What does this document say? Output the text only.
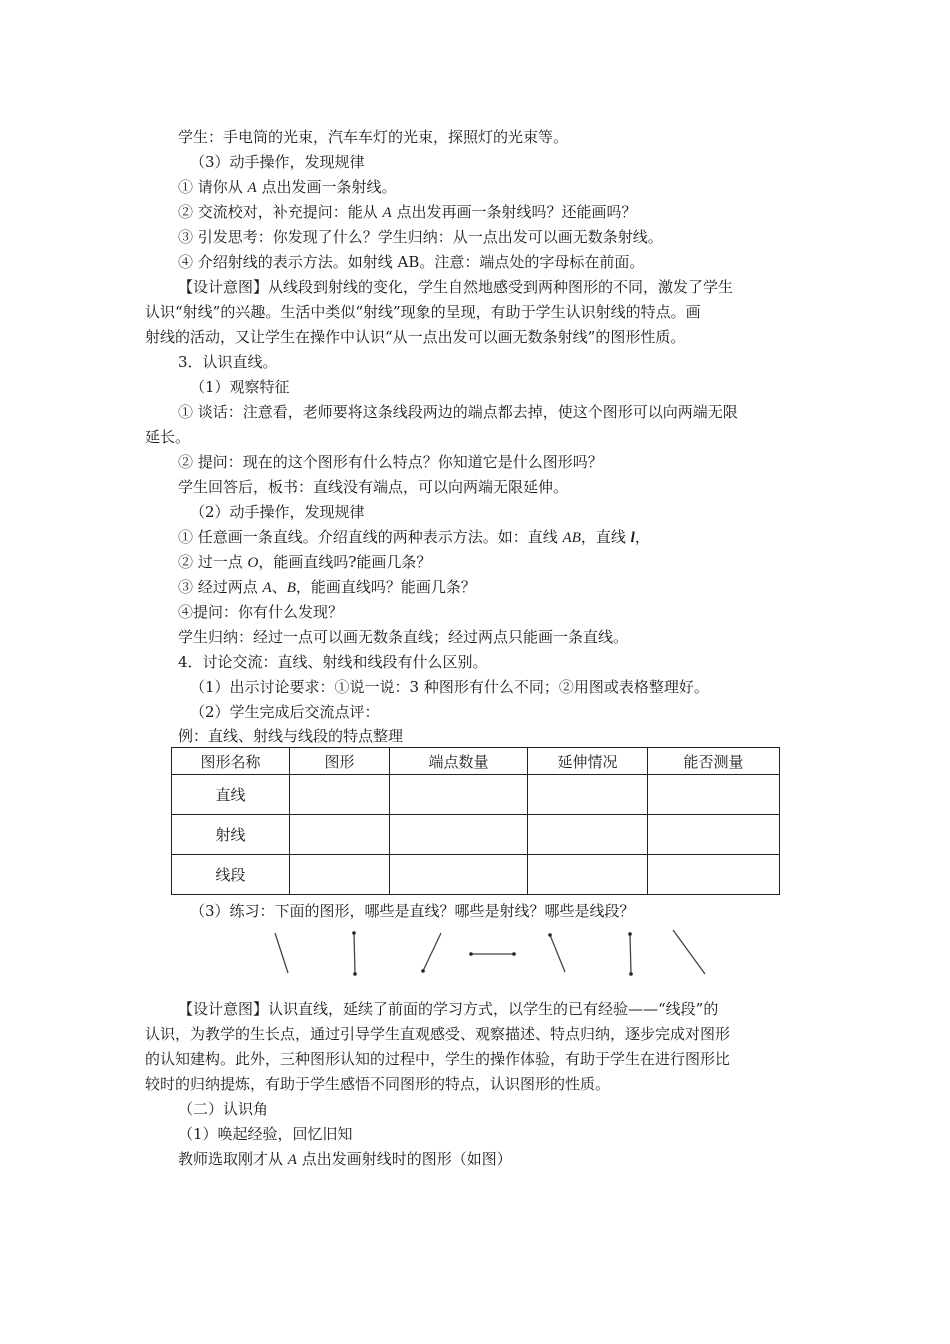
学生：手电筒的光束，汽车车灯的光束，探照灯的光束等。
（3）动手操作，发现规律
① 请你从 A 点出发画一条射线。
② 交流校对，补充提问：能从 A 点出发再画一条射线吗？还能画吗？
③ 引发思考：你发现了什么？学生归纳：从一点出发可以画无数条射线。
④ 介绍射线的表示方法。如射线 AB。注意：端点处的字母标在前面。
【设计意图】从线段到射线的变化，学生自然地感受到两种图形的不同，激发了学生
认识“射线”的兴趣。生活中类似“射线”现象的呈现，有助于学生认识射线的特点。画
射线的活动，又让学生在操作中认识“从一点出发可以画无数条射线”的图形性质。
3．认识直线。
（1）观察特征
① 谈话：注意看，老师要将这条线段两边的端点都去掉，使这个图形可以向两端无限
延长。
② 提问：现在的这个图形有什么特点？你知道它是什么图形吗？
学生回答后，板书：直线没有端点，可以向两端无限延伸。
（2）动手操作，发现规律
① 任意画一条直线。介绍直线的两种表示方法。如：直线 AB，直线 l，
② 过一点 O，能画直线吗?能画几条？
③ 经过两点 A、B，能画直线吗？能画几条？
④提问：你有什么发现？
学生归纳：经过一点可以画无数条直线；经过两点只能画一条直线。
4．讨论交流：直线、射线和线段有什么区别。
（1）出示讨论要求：①说一说：3 种图形有什么不同；②用图或表格整理好。
（2）学生完成后交流点评：
例：直线、射线与线段的特点整理
图形名称	图形	端点数量	延伸情况	能否测量
直线				
射线				
线段				
（3）练习：下面的图形，哪些是直线？哪些是射线？哪些是线段？
【设计意图】认识直线，延续了前面的学习方式，以学生的已有经验——“线段”的
认识，为教学的生长点，通过引导学生直观感受、观察描述、特点归纳，逐步完成对图形
的认知建构。此外，三种图形认知的过程中，学生的操作体验，有助于学生在进行图形比
较时的归纳提炼，有助于学生感悟不同图形的特点，认识图形的性质。
（二）认识角
（1）唤起经验，回忆旧知
教师选取刚才从 A 点出发画射线时的图形（如图）
